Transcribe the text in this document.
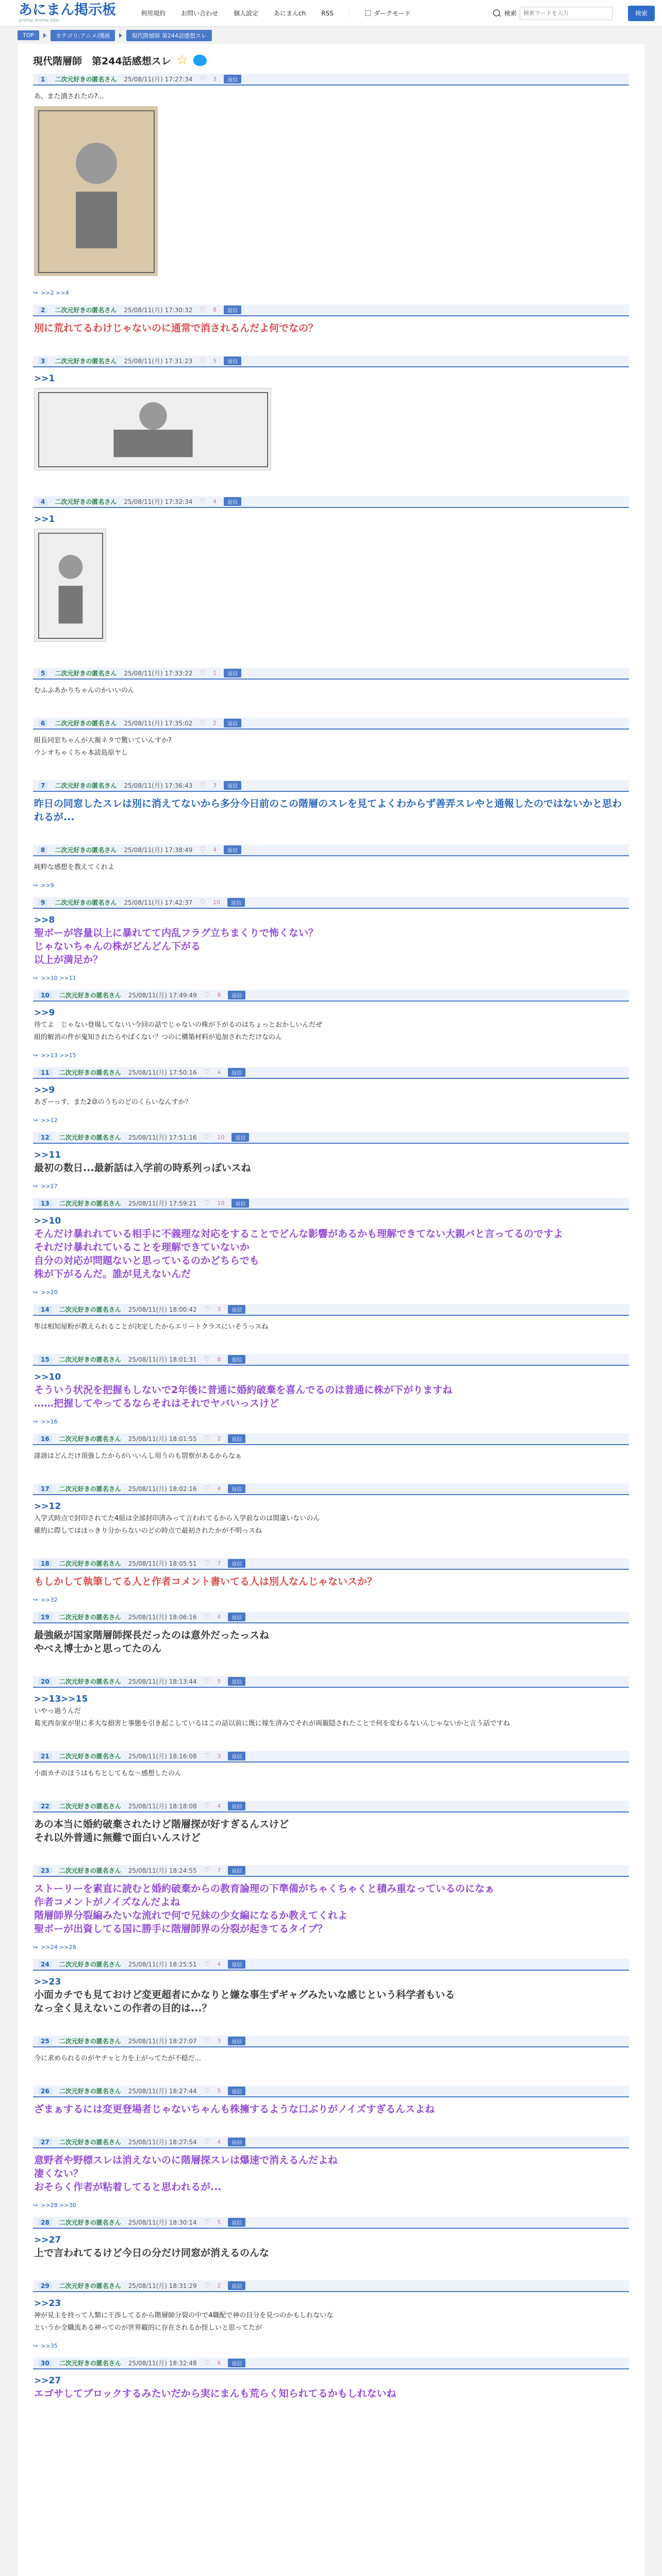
あにまん掲示板
anima anime bbs
利用規約	お問い合わせ	個人設定	あにまんch	RSS	ダークモード	検索
検索ワードを入力	検索
TOP	カテゴリ:アニメ/漫画	現代階層師 第244話感想スレ
現代階層師　第244話感想スレ ☆
1	二次元好きの匿名さん 25/08/11(月) 17:27:34 ♡ 3	返信
あ、また潰されたの?...
↪ >>2 >>4
2	二次元好きの匿名さん 25/08/11(月) 17:30:32 ♡ 8	返信
別に荒れてるわけじゃないのに通常で消されるんだよ何でなの？
3	二次元好きの匿名さん 25/08/11(月) 17:31:23 ♡ 5	返信
>>1
4	二次元好きの匿名さん 25/08/11(月) 17:32:34 ♡ 4	返信
>>1
5	二次元好きの匿名さん 25/08/11(月) 17:33:22 ♡ 1	返信
むふふあかりちゃんのかいいのん
6	二次元好きの匿名さん 25/08/11(月) 17:35:02 ♡ 2	返信
組長同窓ちゃんが大親ネタで驚いていんすか?
ウシオちゃくちゃ本読島原ヤし
7	二次元好きの匿名さん 25/08/11(月) 17:36:43 ♡ 3	返信
昨日の同窓したスレは別に消えてないから多分今日前のこの階層のスレを見てよくわからず善弄スレやと通報したのではないかと思われるが...
8	二次元好きの匿名さん 25/08/11(月) 17:38:49 ♡ 4	返信
純粋な感想を教えてくれよ
↪ >>9
9	二次元好きの匿名さん 25/08/11(月) 17:42:37 ♡ 10	返信
>>8
聖ボーが容量以上に暴れてて内乱フラグ立ちまくりで怖くない？
じゃないちゃんの株がどんどん下がる
以上が満足か？
↪ >>10 >>11
10	二次元好きの匿名さん 25/08/11(月) 17:49:49 ♡ 8	返信
>>9
待てよ　じゃない登場してないい今回の話でじゃないの株が下がるのはちょっとおかしいんだぜ
組的解消の件が鬼知されたらやばくない？つのに構築材料が追加されただけなのん
↪ >>13 >>15
11	二次元好きの匿名さん 25/08/11(月) 17:50:16 ♡ 4	返信
>>9
あざーっす、また2章のうちのどのくらいなんすか？
↪ >>12
12	二次元好きの匿名さん 25/08/11(月) 17:51:16 ♡ 10	返信
>>11
最初の数日...最新話は入学前の時系列っぽいスね
↪ >>17
13	二次元好きの匿名さん 25/08/11(月) 17:59:21 ♡ 10	返信
>>10
そんだけ暴れれている相手に不義理な対応をすることでどんな影響があるかも理解できてない大親バと言ってるのですよ
それだけ暴れれていることを理解できていないか
自分の対応が問題ないと思っているのかどちらでも
株が下がるんだ。誰が見えないんだ
↪ >>20
14	二次元好きの匿名さん 25/08/11(月) 18:00:42 ♡ 3	返信
隼は相知屋粉が教えられることが決定したからエリートクラスにいそうっスね
15	二次元好きの匿名さん 25/08/11(月) 18:01:31 ♡ 8	返信
>>10
そういう状況を把握もしないで2年後に普通に婚約破棄を喜んでるのは普通に株が下がりますね
……把握してやってるならそれはそれでヤバいっスけど
↪ >>16
16	二次元好きの匿名さん 25/08/11(月) 18:01:55 ♡ 2	返信
誹謗はどんだけ頂強したからがいいんし用うのも罰察があるからなぁ
17	二次元好きの匿名さん 25/08/11(月) 18:02:16 ♡ 4	返信
>>12
入学式時点で封印されてた4組は全部封印済みって言われてるから入学前なのは間違いないのん
確約に際してはほっきり分からないのどの時点で最初されたかが不明っスね
18	二次元好きの匿名さん 25/08/11(月) 18:05:51 ♡ 7	返信
もしかして執筆してる人と作者コメント書いてる人は別人なんじゃないスか？
↪ >>32
19	二次元好きの匿名さん 25/08/11(月) 18:06:16 ♡ 4	返信
最強級が国家階層師探長だったのは意外だったっスね
やべえ博士かと思ってたのん
20	二次元好きの匿名さん 25/08/11(月) 18:13:44 ♡ 5	返信
>>13>>15
いやっ過うんだ
葛光西奈家が里に多大な損害と事態を引き起こしているはこの話以前に既に嫁生済みでそれが両親隠されたことで何を変わるないんじゃないかと言う話ですね
21	二次元好きの匿名さん 25/08/11(月) 18:16:08 ♡ 3	返信
小面カチのほうはもちとしてもな〜感想したのん
22	二次元好きの匿名さん 25/08/11(月) 18:18:08 ♡ 4	返信
あの本当に婚約破棄されたけど階層探が好すぎるんスけど
それ以外普通に無難で面白いんスけど
23	二次元好きの匿名さん 25/08/11(月) 18:24:55 ♡ 7	返信
ストーリーを素直に読むと婚約破棄からの教育論理の下準備がちゃくちゃくと積み重なっているのになぁ
作者コメントがノイズなんだよね
階層師界分裂編みたいな流れで何で兄妹の少女編になるか教えてくれよ
聖ボーが出資してる国に勝手に階層師界の分裂が起きてるタイプ？
↪ >>24 >>28
24	二次元好きの匿名さん 25/08/11(月) 18:25:51 ♡ 4	返信
>>23
小面カチでも見ておけど変更超者にかなりと嫌な事生ずギャグみたいな感じという科学者もいる
なっ全く見えないこの作者の目的は...？
25	二次元好きの匿名さん 25/08/11(月) 18:27:07 ♡ 3	返信
今に求められるのがヤチャと力を上がってたが不穏だ...
26	二次元好きの匿名さん 25/08/11(月) 18:27:44 ♡ 5	返信
ざまぁするには変更登場者じゃないちゃんも株擁するような口ぶりがノイズすぎるんスよね
27	二次元好きの匿名さん 25/08/11(月) 18:27:54 ♡ 4	返信
意野者や野標スレは消えないのに階層探スレは爆速で消えるんだよね
凄くない？
おそらく作者が粘着してると思われるが...
↪ >>28 >>30
28	二次元好きの匿名さん 25/08/11(月) 18:30:14 ♡ 5	返信
>>27
上で言われてるけど今日の分だけ同窓が消えるのんな
29	二次元好きの匿名さん 25/08/11(月) 18:31:29 ♡ 2	返信
>>23
神が見主を持って人類に干渉してるから階層師分裂の中で4職配で神の目分を見つのかもしれないな
というか全職流ある神ってのが世界観的に存在されるか怪しいと思ってたが
↪ >>35
30	二次元好きの匿名さん 25/08/11(月) 18:32:48 ♡ 6	返信
>>27
エゴサしてブロックするみたいだから実にまんも荒らく知られてるかもしれないね
